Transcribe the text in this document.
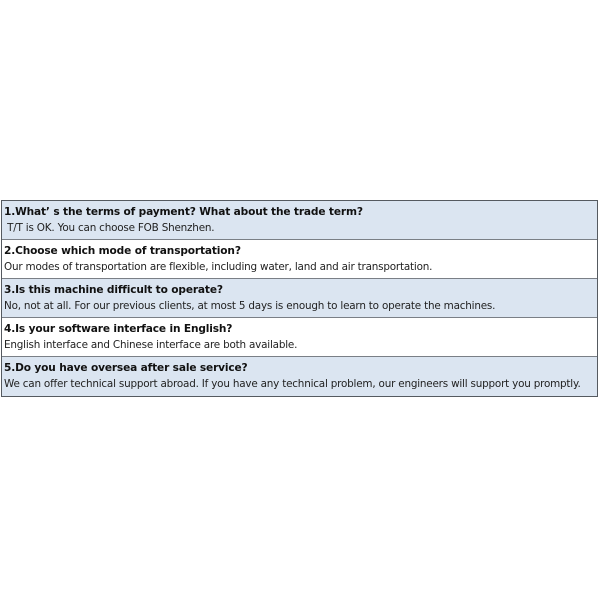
1.What’ s the terms of payment? What about the trade term?
T/T is OK. You can choose FOB Shenzhen.
2.Choose which mode of transportation?
Our modes of transportation are flexible, including water, land and air transportation.
3.Is this machine difficult to operate?
No, not at all. For our previous clients, at most 5 days is enough to learn to operate the machines.
4.Is your software interface in English?
English interface and Chinese interface are both available.
5.Do you have oversea after sale service?
We can offer technical support abroad. If you have any technical problem, our engineers will support you promptly.
